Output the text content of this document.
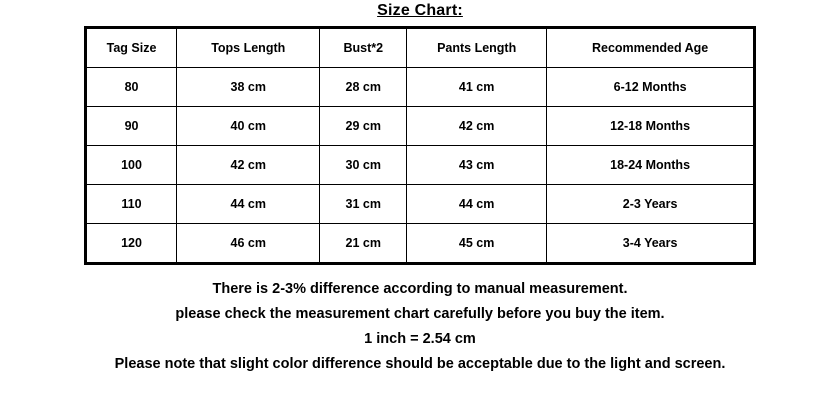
Size Chart:
Tag Size	Tops Length	Bust*2	Pants Length	Recommended Age
80	38 cm	28 cm	41 cm	6-12 Months
90	40 cm	29 cm	42 cm	12-18 Months
100	42 cm	30 cm	43 cm	18-24 Months
110	44 cm	31 cm	44 cm	2-3 Years
120	46 cm	21 cm	45 cm	3-4 Years

There is 2-3% difference according to manual measurement.

please check the measurement chart carefully before you buy the item.

1 inch = 2.54 cm

Please note that slight color difference should be acceptable due to the light and screen.
